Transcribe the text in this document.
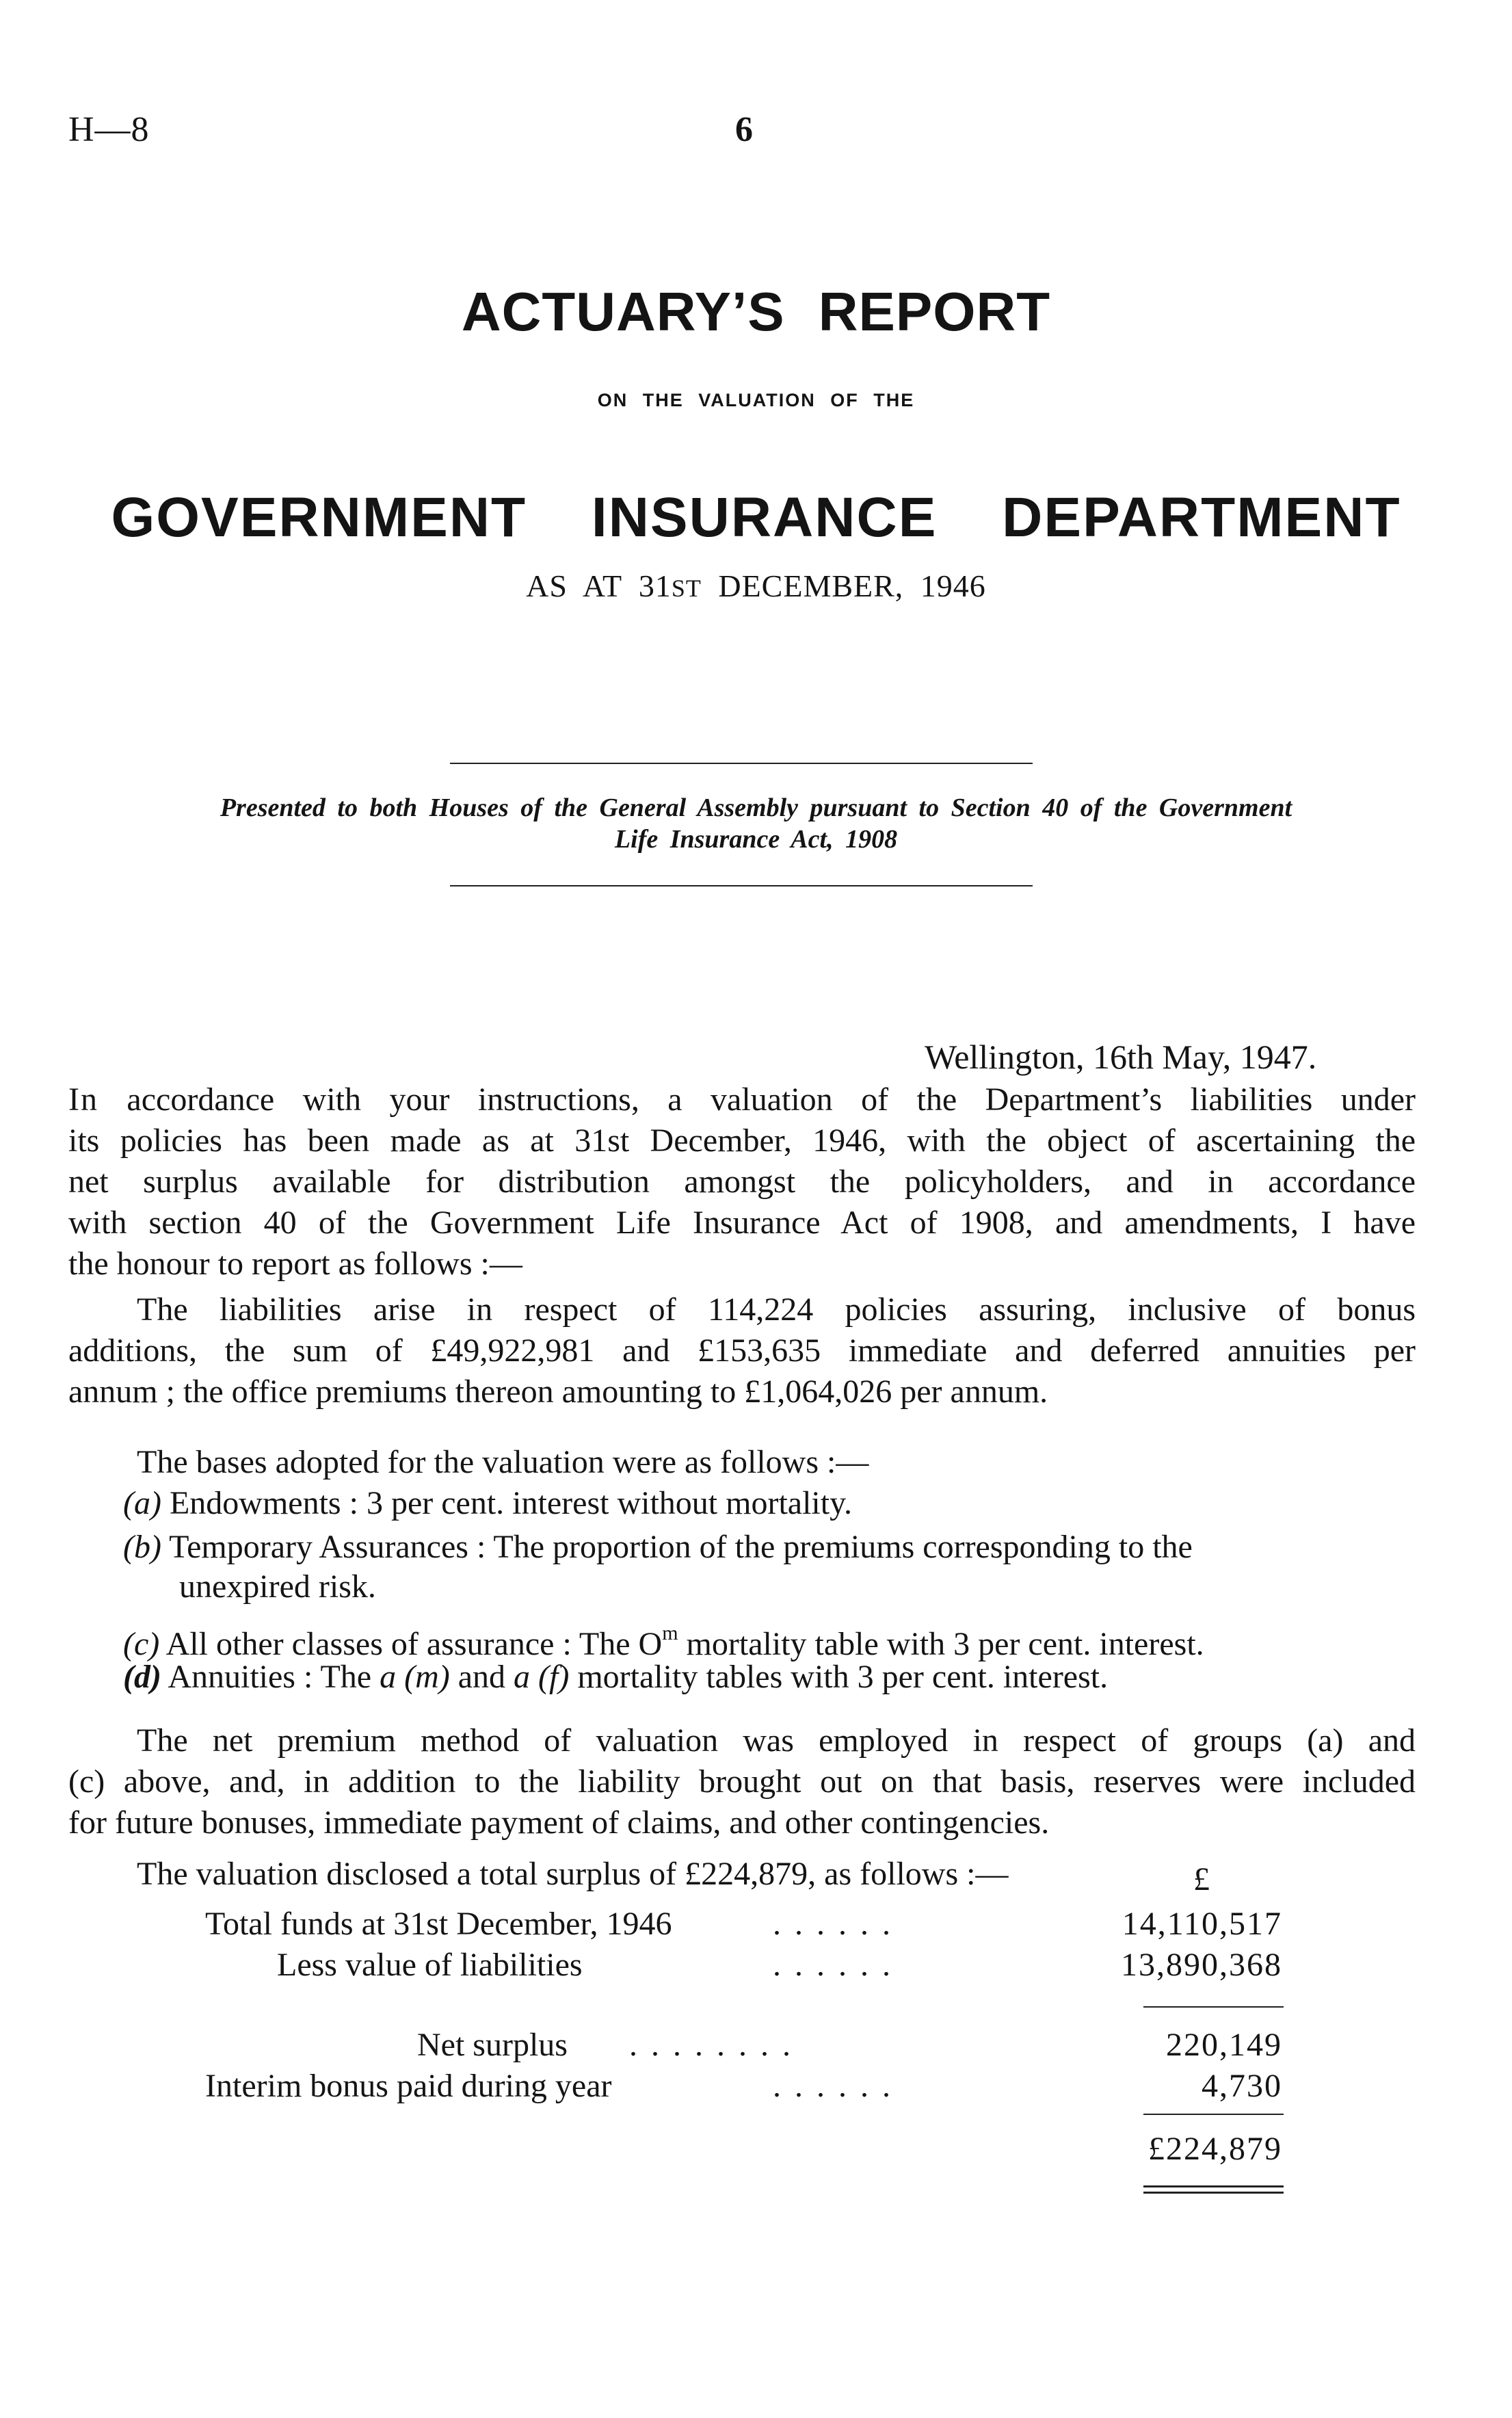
H—8	6
ACTUARY’S REPORT
ON THE VALUATION OF THE
GOVERNMENT INSURANCE DEPARTMENT
AS AT 31ST DECEMBER, 1946
Presented to both Houses of the General Assembly pursuant to Section 40 of the Government
Life Insurance Act, 1908
Wellington, 16th May, 1947.
In accordance with your instructions, a valuation of the Department’s liabilities under
its policies has been made as at 31st December, 1946, with the object of ascertaining the
net surplus available for distribution amongst the policyholders, and in accordance
with section 40 of the Government Life Insurance Act of 1908, and amendments, I have
the honour to report as follows :—
The liabilities arise in respect of 114,224 policies assuring, inclusive of bonus
additions, the sum of £49,922,981 and £153,635 immediate and deferred annuities per
annum ; the office premiums thereon amounting to £1,064,026 per annum.
The bases adopted for the valuation were as follows :—
(a) Endowments : 3 per cent. interest without mortality.
(b) Temporary Assurances : The proportion of the premiums corresponding to the
unexpired risk.
(c) All other classes of assurance : The $O^m$ mortality table with 3 per cent. interest.
(d) Annuities : The a (m) and a (f) mortality tables with 3 per cent. interest.
The net premium method of valuation was employed in respect of groups (a) and
(c) above, and, in addition to the liability brought out on that basis, reserves were included
for future bonuses, immediate payment of claims, and other contingencies.
The valuation disclosed a total surplus of £224,879, as follows :—	£
Total funds at 31st December, 1946	. . . . . .	14,110,517
Less value of liabilities	. . . . . .	13,890,368
Net surplus . . . . . . . .	220,149
Interim bonus paid during year	. . . . . .	4,730
£224,879
